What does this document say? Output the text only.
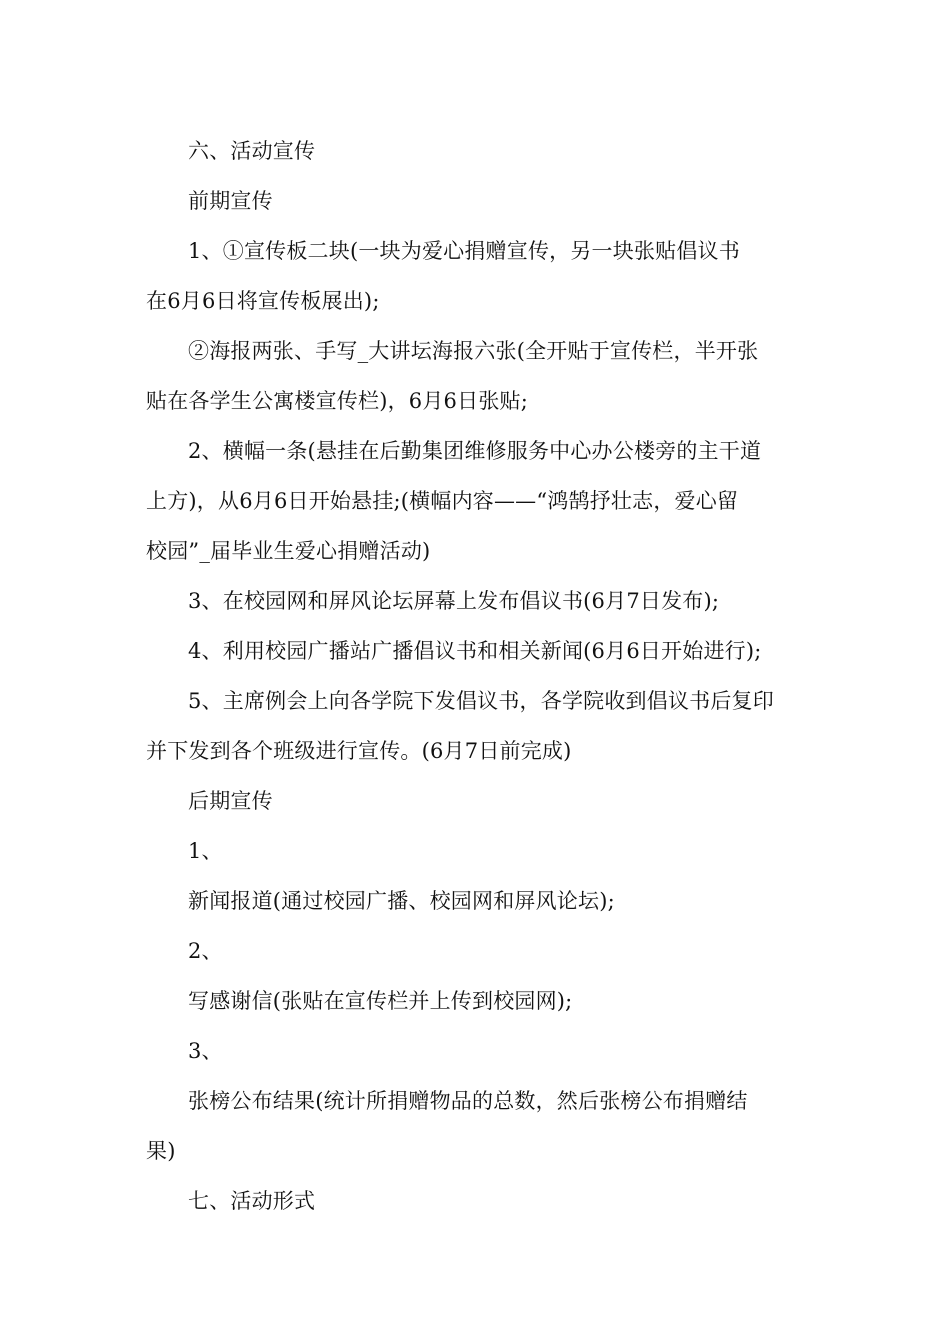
六、活动宣传
前期宣传
1、①宣传板二块(一块为爱心捐赠宣传，另一块张贴倡议书
在6月6日将宣传板展出);
②海报两张、手写_大讲坛海报六张(全开贴于宣传栏，半开张
贴在各学生公寓楼宣传栏)，6月6日张贴;
2、横幅一条(悬挂在后勤集团维修服务中心办公楼旁的主干道
上方)，从6月6日开始悬挂;(横幅内容——“鸿鹄抒壮志，爱心留
校园”_届毕业生爱心捐赠活动)
3、在校园网和屏风论坛屏幕上发布倡议书(6月7日发布);
4、利用校园广播站广播倡议书和相关新闻(6月6日开始进行);
5、主席例会上向各学院下发倡议书，各学院收到倡议书后复印
并下发到各个班级进行宣传。(6月7日前完成)
后期宣传
1、
新闻报道(通过校园广播、校园网和屏风论坛);
2、
写感谢信(张贴在宣传栏并上传到校园网);
3、
张榜公布结果(统计所捐赠物品的总数，然后张榜公布捐赠结
果)
七、活动形式
